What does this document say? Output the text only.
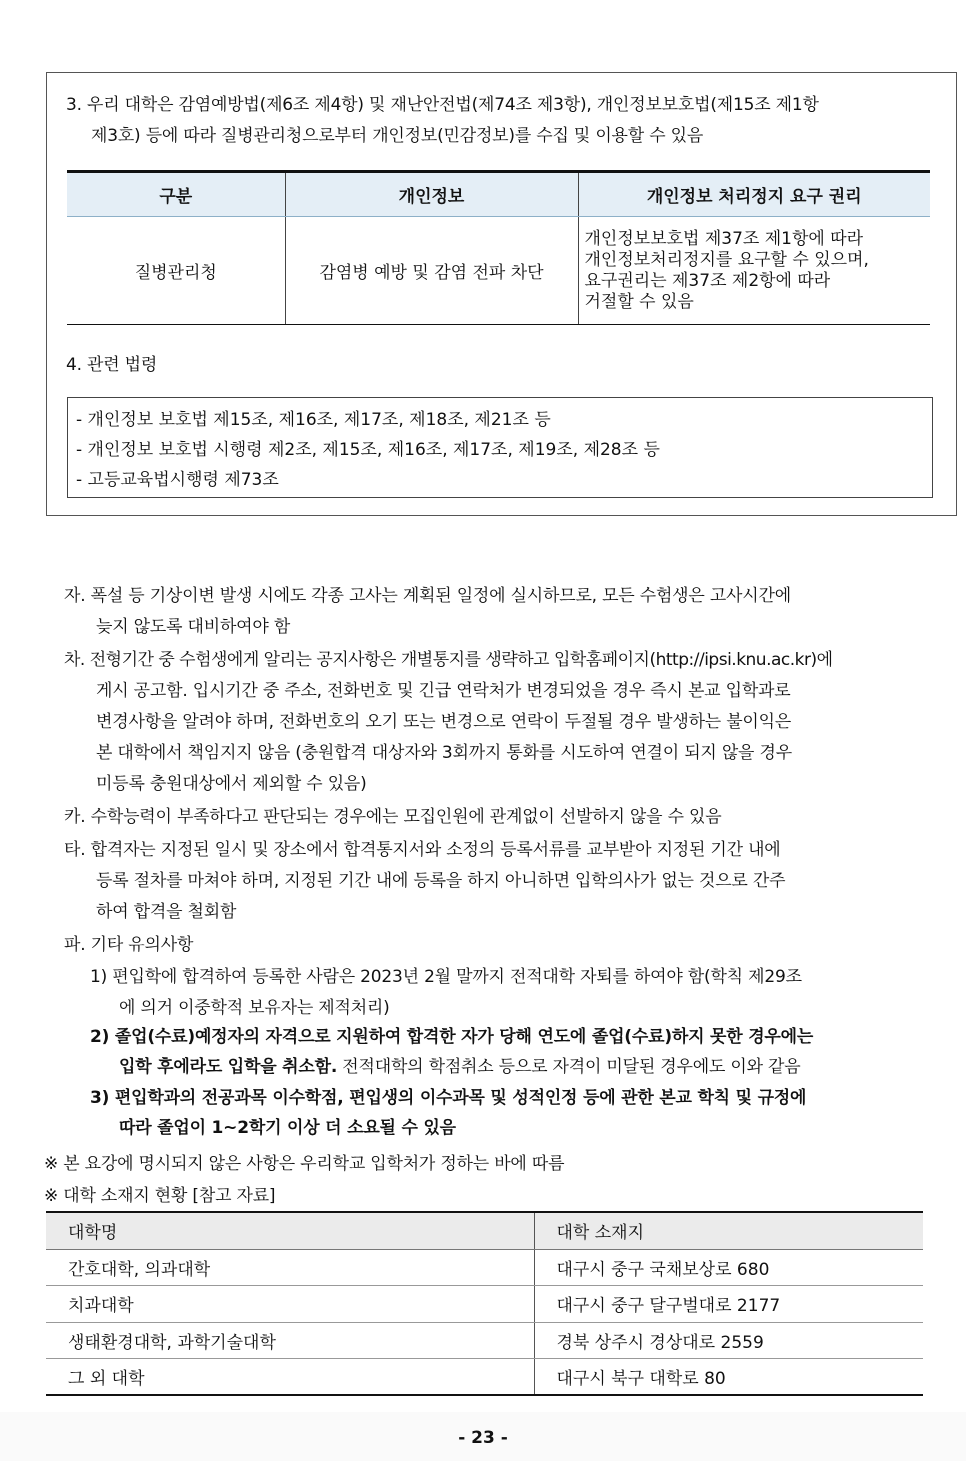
3. 우리 대학은 감염예방법(제6조 제4항) 및 재난안전법(제74조 제3항), 개인정보보호법(제15조 제1항
제3호) 등에 따라 질병관리청으로부터 개인정보(민감정보)를 수집 및 이용할 수 있음
구분	개인정보	개인정보 처리정지 요구 권리
질병관리청	감염병 예방 및 감염 전파 차단	개인정보보호법 제37조 제1항에 따라
개인정보처리정지를 요구할 수 있으며,
요구권리는 제37조 제2항에 따라
거절할 수 있음
4. 관련 법령
- 개인정보 보호법 제15조, 제16조, 제17조, 제18조, 제21조 등
- 개인정보 보호법 시행령 제2조, 제15조, 제16조, 제17조, 제19조, 제28조 등
- 고등교육법시행령 제73조
자. 폭설 등 기상이변 발생 시에도 각종 고사는 계획된 일정에 실시하므로, 모든 수험생은 고사시간에
늦지 않도록 대비하여야 함
차. 전형기간 중 수험생에게 알리는 공지사항은 개별통지를 생략하고 입학홈페이지(http://ipsi.knu.ac.kr)에
게시 공고함. 입시기간 중 주소, 전화번호 및 긴급 연락처가 변경되었을 경우 즉시 본교 입학과로
변경사항을 알려야 하며, 전화번호의 오기 또는 변경으로 연락이 두절될 경우 발생하는 불이익은
본 대학에서 책임지지 않음 (충원합격 대상자와 3회까지 통화를 시도하여 연결이 되지 않을 경우
미등록 충원대상에서 제외할 수 있음)
카. 수학능력이 부족하다고 판단되는 경우에는 모집인원에 관계없이 선발하지 않을 수 있음
타. 합격자는 지정된 일시 및 장소에서 합격통지서와 소정의 등록서류를 교부받아 지정된 기간 내에
등록 절차를 마쳐야 하며, 지정된 기간 내에 등록을 하지 아니하면 입학의사가 없는 것으로 간주
하여 합격을 철회함
파. 기타 유의사항
1) 편입학에 합격하여 등록한 사람은 2023년 2월 말까지 전적대학 자퇴를 하여야 함(학칙 제29조
에 의거 이중학적 보유자는 제적처리)
2) 졸업(수료)예정자의 자격으로 지원하여 합격한 자가 당해 연도에 졸업(수료)하지 못한 경우에는
입학 후에라도 입학을 취소함. 전적대학의 학점취소 등으로 자격이 미달된 경우에도 이와 같음
3) 편입학과의 전공과목 이수학점, 편입생의 이수과목 및 성적인정 등에 관한 본교 학칙 및 규정에
따라 졸업이 1~2학기 이상 더 소요될 수 있음
※ 본 요강에 명시되지 않은 사항은 우리학교 입학처가 정하는 바에 따름
※ 대학 소재지 현황 [참고 자료]
대학명	대학 소재지
간호대학, 의과대학	대구시 중구 국채보상로 680
치과대학	대구시 중구 달구벌대로 2177
생태환경대학, 과학기술대학	경북 상주시 경상대로 2559
그 외 대학	대구시 북구 대학로 80
- 23 -
